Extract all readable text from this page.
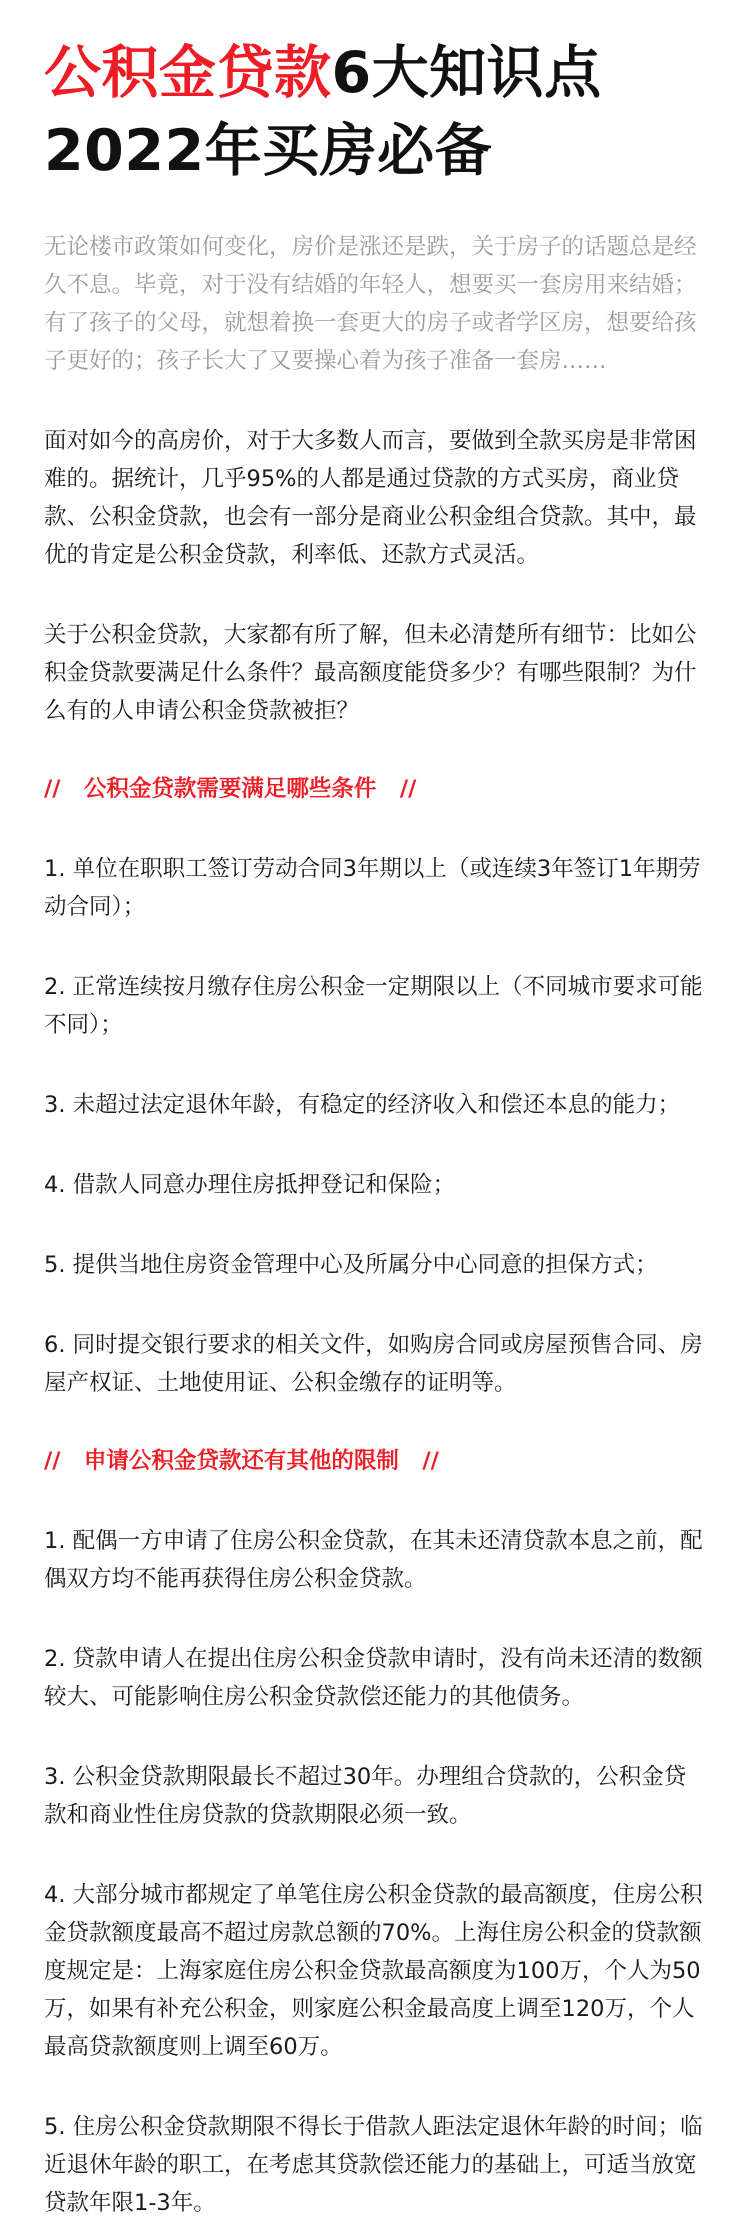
公积金贷款6大知识点
2022年买房必备

无论楼市政策如何变化，房价是涨还是跌，关于房子的话题总是经久不息。毕竟，对于没有结婚的年轻人，想要买一套房用来结婚；有了孩子的父母，就想着换一套更大的房子或者学区房，想要给孩子更好的；孩子长大了又要操心着为孩子准备一套房……

面对如今的高房价，对于大多数人而言，要做到全款买房是非常困难的。据统计，几乎95%的人都是通过贷款的方式买房，商业贷款、公积金贷款，也会有一部分是商业公积金组合贷款。其中，最优的肯定是公积金贷款，利率低、还款方式灵活。

关于公积金贷款，大家都有所了解，但未必清楚所有细节：比如公积金贷款要满足什么条件？最高额度能贷多少？有哪些限制？为什么有的人申请公积金贷款被拒？

//   公积金贷款需要满足哪些条件   //

1. 单位在职职工签订劳动合同3年期以上（或连续3年签订1年期劳动合同）；

2. 正常连续按月缴存住房公积金一定期限以上（不同城市要求可能不同）；

3. 未超过法定退休年龄，有稳定的经济收入和偿还本息的能力；

4. 借款人同意办理住房抵押登记和保险；

5. 提供当地住房资金管理中心及所属分中心同意的担保方式；

6. 同时提交银行要求的相关文件，如购房合同或房屋预售合同、房屋产权证、土地使用证、公积金缴存的证明等。

//   申请公积金贷款还有其他的限制   //

1. 配偶一方申请了住房公积金贷款，在其未还清贷款本息之前，配偶双方均不能再获得住房公积金贷款。

2. 贷款申请人在提出住房公积金贷款申请时，没有尚未还清的数额较大、可能影响住房公积金贷款偿还能力的其他债务。

3. 公积金贷款期限最长不超过30年。办理组合贷款的，公积金贷款和商业性住房贷款的贷款期限必须一致。

4. 大部分城市都规定了单笔住房公积金贷款的最高额度，住房公积金贷款额度最高不超过房款总额的70%。上海住房公积金的贷款额度规定是：上海家庭住房公积金贷款最高额度为100万，个人为50万，如果有补充公积金，则家庭公积金最高度上调至120万，个人最高贷款额度则上调至60万。

5. 住房公积金贷款期限不得长于借款人距法定退休年龄的时间；临近退休年龄的职工，在考虑其贷款偿还能力的基础上，可适当放宽贷款年限1-3年。
